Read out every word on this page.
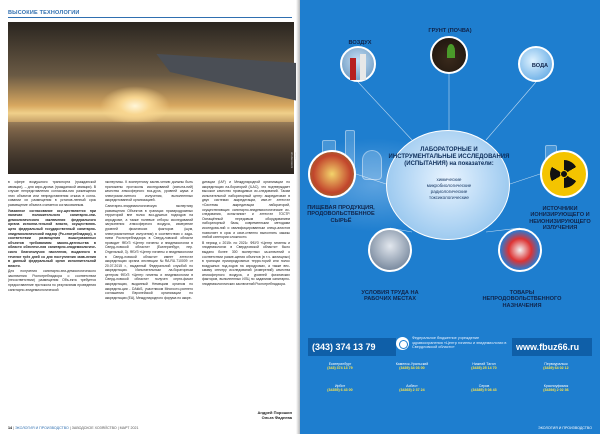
ВЫСОКИЕ ТЕХНОЛОГИИ
shutterstock

в сфере воздушного транспорта (гражданской авиации), – для аэро-дрома (гражданской авиации). В случае непредставления согласова-ния размещения этих объектов или непредставления отказа в согла-совании их размещения в установ-ленный срок размещение объекта считается согласованным.

Указанное согласование осу-ществляется при наличии положительного санитарно-эпи-демиологического заключения федерального органа исполни-тельной власти, осуществляю-щего федеральный государственный санитарно-эпидемиологический надзор (Ро-спотребнадзор), о соответствии размещения вышеуказанных объектов требованиям законо-дательства в области обеспече-ния санитарно-эпидемиологиче-ского благополучия населения, выданного в течение трёх дней со дня поступления заяв-ления в данный федеральный орган исполнительной власти.

Для получения санитарно-эпи-демиологического заключения Роспотребнадзора о соответствии (несоответствии) размещения Объ-екта требуется предоставление протокола по результатам проведения санитарно-эпидемиологической

экспертизы. К экспертному заклю-чению должны быть приложены протоколы исследований (испыта-ний) качества атмосферного воз-духа, уровней шума и электромаг-нитного излучения, выполненных аккредитованной организацией.

Санитарно-эпидемиологическую экспертизу размещения Объектов в границах приаэродромных территорий вне полос воз-душных подходов на аэродроме, а также полевые отборы исследований загрязнения атмосферного воздуха, измерение уровней физических факторов (шум, электромагнитные излучения) в соответствии с зада-нием Роспотребнадзора в Сверд-ловской области проводит ФБУЗ «Центр гигиены и эпидемиологии в Сверд-ловской области» (Екатеринбург, пер. Отдельный, 3). ФБУЗ «Центр гигиены и эпидемиологии в Сверд-ловской области» имеет аттестат аккредитации органа инспекции №RA.RU.710009 от 20.07.2015 г., выданный Федеральной службой по аккредитации. Испытательным ла-бораторным центром ФБУЗ «Центр гигиены и эпидемиологии в Сверд-ловской области» получен серти-фикат аккредитации, выданный Немецким органом по аккредита-ции - DAkkS, участником Многосто-роннего соглашения Европейской организации по аккредитации (EA), Международного форума по аккре-

дитации (IAF) и Международной организации по аккредитации ла-бораторий (ILAC), что подтверждает высокое качество проводимых ис-следований. Таким испытательной лабораторный центр аккредитован в двух системах аккредитации, име-ет аттестат «Системы аккредитации лабораторий, осуществляющих санитарно-эпидемиологические ис-следования, испытания» и аттестат ГОСТР. Оснащённый передовым оборудованием лабораторный базы, современными методами исследова-ний и квалифицированным специ-алистов позволяет в срок и каче-ственно выполнять заказы любой категории сложности.

В период с 2015г. по 2021г. ФБУЗ «Центр гигиены и эпидемиологии в Свердловской области» было выдано более 300 экспертных за-ключений о соответствии разме-щения объектов (в т.ч. жилищных) в границах приаэродромных терри-торий или полос воздушных под-ходов на аэродромах, а также вес-ьмаму спектру исследований (измерений) качества атмосферного воздуха, и уровней физических факторов, выполненных ИЛЦ по заданиям санитарно-эпидемиологических заключений Роспотребнадзора.

Андрей Порошин
Ольга Фадеева
14 | ЭКОЛОГИЯ И ПРОИЗВОДСТВО | ЗАВОДСКОЕ ХОЗЯЙСТВО | МАРТ 2021
ВОЗДУХ
ГРУНТ (ПОЧВА)
ВОДА
ПИЩЕВАЯ ПРОДУКЦИЯ, ПРОДОВОЛЬСТВЕННОЕ СЫРЬЁ
ИСТОЧНИКИ ИОНИЗИРУЮЩЕГО И НЕИОНИЗИРУЮЩЕГО ИЗЛУЧЕНИЯ
УСЛОВИЯ ТРУДА НА РАБОЧИХ МЕСТАХ
ТОВАРЫ НЕПРОДОВОЛЬСТВЕННОГО НАЗНАЧЕНИЯ
ЛАБОРАТОРНЫЕ И ИНСТРУМЕНТАЛЬНЫЕ ИССЛЕДОВАНИЯ (ИСПЫТАНИЯ) на показатели:
химические
микробиологические
радиологические
токсикологические
(343) 374 13 79
Федеральное бюджетное учреждение здравоохранения «Центр гигиены и эпидемиологии в Свердловской области»	www.fbuz66.ru
Екатеринбург
(343) 374 13 79
Каменск-Уральский
(3439) 34 03 00
Нижний Тагил
(3435) 25 14 70
Первоуральск
(3439) 64 02 12
Ирбит
(34355) 6 43 00
Асбест
(34365) 2 37 24
Серов
(34385) 5 08 43
Красноуфимск
(34394) 2 02 36
ЭКОЛОГИЯ И ПРОИЗВОДСТВО
